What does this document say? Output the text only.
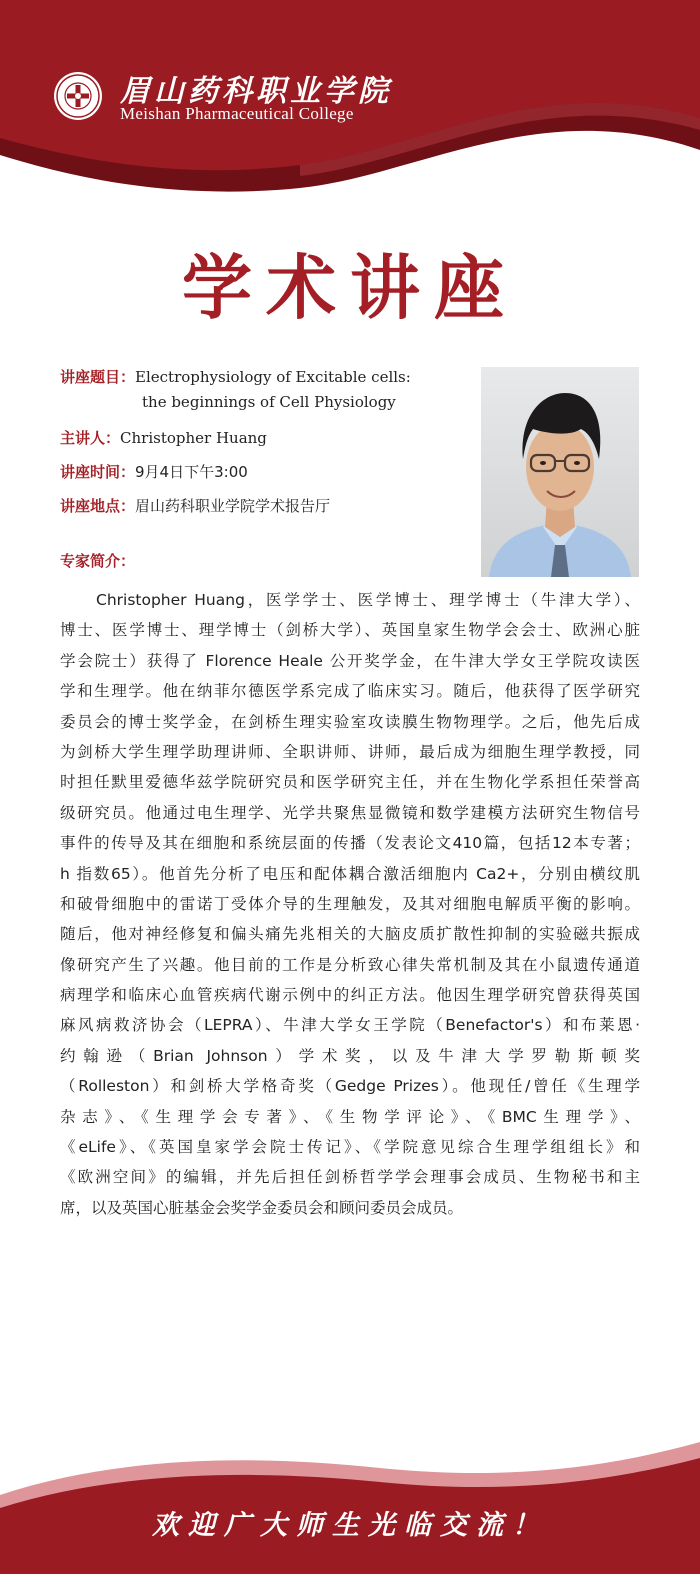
眉山药科职业学院
Meishan Pharmaceutical College
学术讲座
讲座题目：Electrophysiology of Excitable cells:
the beginnings of Cell Physiology
主讲人：Christopher Huang
讲座时间：9月4日下午3:00
讲座地点：眉山药科职业学院学术报告厅
专家简介：
Christopher Huang，医学学士、医学博士、理学博士（牛津大学）、
博士、医学博士、理学博士（剑桥大学）、英国皇家生物学会会士、欧洲心脏
学会院士）获得了 Florence Heale 公开奖学金，在牛津大学女王学院攻读医
学和生理学。他在纳菲尔德医学系完成了临床实习。随后，他获得了医学研究
委员会的博士奖学金，在剑桥生理实验室攻读膜生物物理学。之后，他先后成
为剑桥大学生理学助理讲师、全职讲师、讲师，最后成为细胞生理学教授，同
时担任默里爱德华兹学院研究员和医学研究主任，并在生物化学系担任荣誉高
级研究员。他通过电生理学、光学共聚焦显微镜和数学建模方法研究生物信号
事件的传导及其在细胞和系统层面的传播（发表论文410篇，包括12本专著；
h 指数65）。他首先分析了电压和配体耦合激活细胞内 Ca2+，分别由横纹肌
和破骨细胞中的雷诺丁受体介导的生理触发，及其对细胞电解质平衡的影响。
随后，他对神经修复和偏头痛先兆相关的大脑皮质扩散性抑制的实验磁共振成
像研究产生了兴趣。他目前的工作是分析致心律失常机制及其在小鼠遗传通道
病理学和临床心血管疾病代谢示例中的纠正方法。他因生理学研究曾获得英国
麻风病救济协会（LEPRA）、牛津大学女王学院（Benefactor's）和布莱恩·
约翰逊（Brian Johnson）学术奖，以及牛津大学罗勒斯顿奖
（Rolleston）和剑桥大学格奇奖（Gedge Prizes）。他现任/曾任《生理学
杂志》、《生理学会专著》、《生物学评论》、《BMC生理学》、
《eLife》、《英国皇家学会院士传记》、《学院意见综合生理学组组长》和
《欧洲空间》的编辑，并先后担任剑桥哲学学会理事会成员、生物秘书和主
席，以及英国心脏基金会奖学金委员会和顾问委员会成员。
欢迎广大师生光临交流！
